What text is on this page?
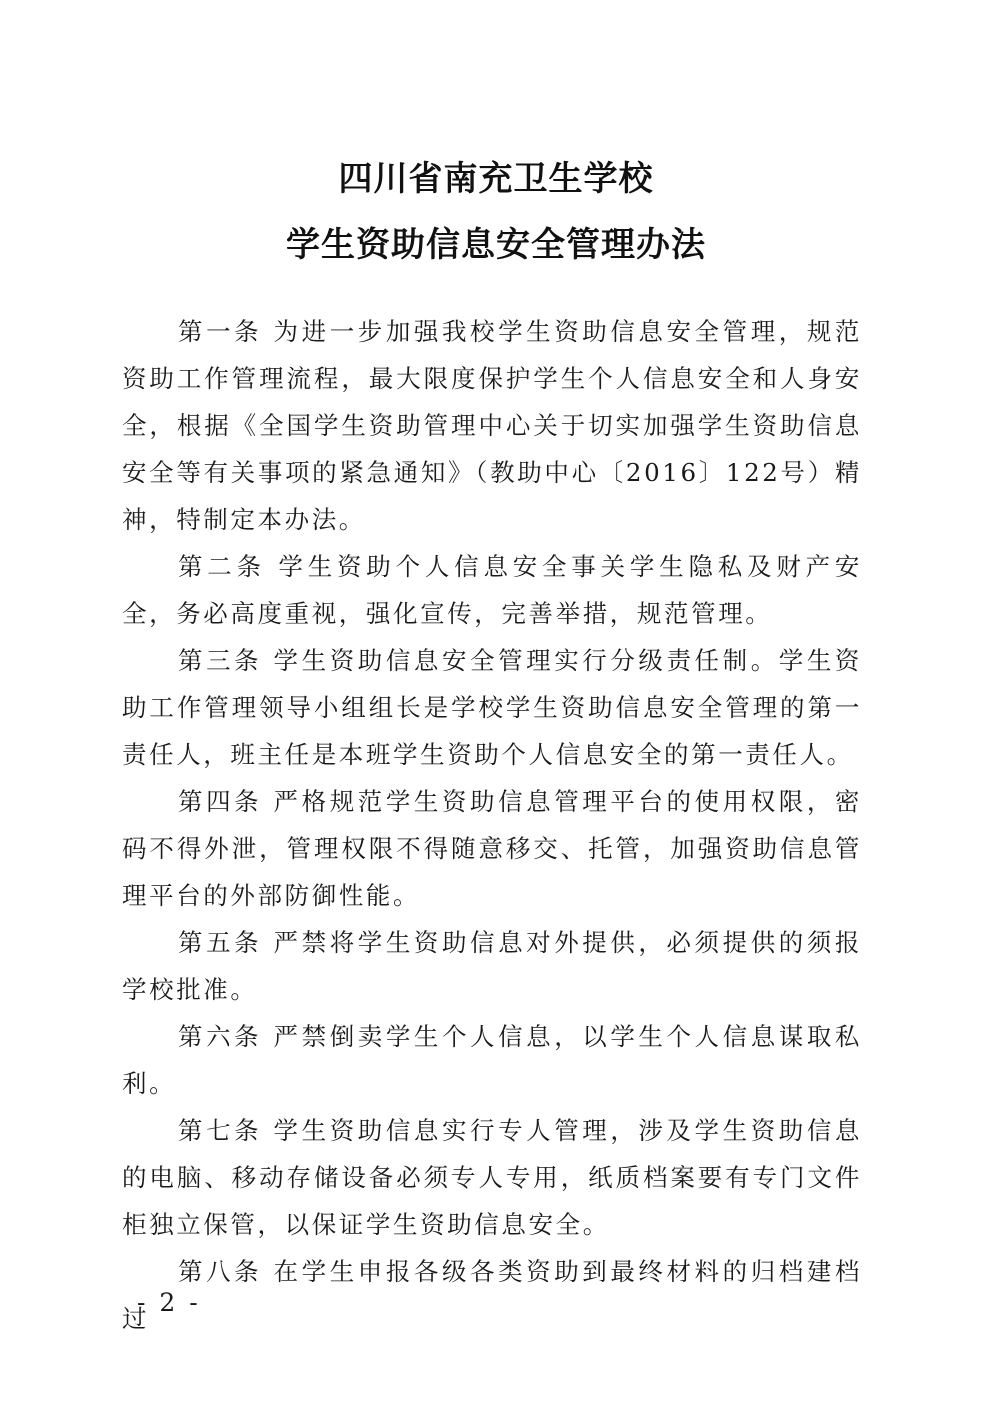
四川省南充卫生学校
学生资助信息安全管理办法

第一条 为进一步加强我校学生资助信息安全管理，规范资助工作管理流程，最大限度保护学生个人信息安全和人身安全，根据《全国学生资助管理中心关于切实加强学生资助信息安全等有关事项的紧急通知》（教助中心〔2016〕122号）精神，特制定本办法。

第二条 学生资助个人信息安全事关学生隐私及财产安全，务必高度重视，强化宣传，完善举措，规范管理。

第三条 学生资助信息安全管理实行分级责任制。学生资助工作管理领导小组组长是学校学生资助信息安全管理的第一责任人，班主任是本班学生资助个人信息安全的第一责任人。

第四条 严格规范学生资助信息管理平台的使用权限，密码不得外泄，管理权限不得随意移交、托管，加强资助信息管理平台的外部防御性能。

第五条 严禁将学生资助信息对外提供，必须提供的须报学校批准。

第六条 严禁倒卖学生个人信息，以学生个人信息谋取私利。

第七条 学生资助信息实行专人管理，涉及学生资助信息的电脑、移动存储设备必须专人专用，纸质档案要有专门文件柜独立保管，以保证学生资助信息安全。

第八条 在学生申报各级各类资助到最终材料的归档建档过

- 2 -
